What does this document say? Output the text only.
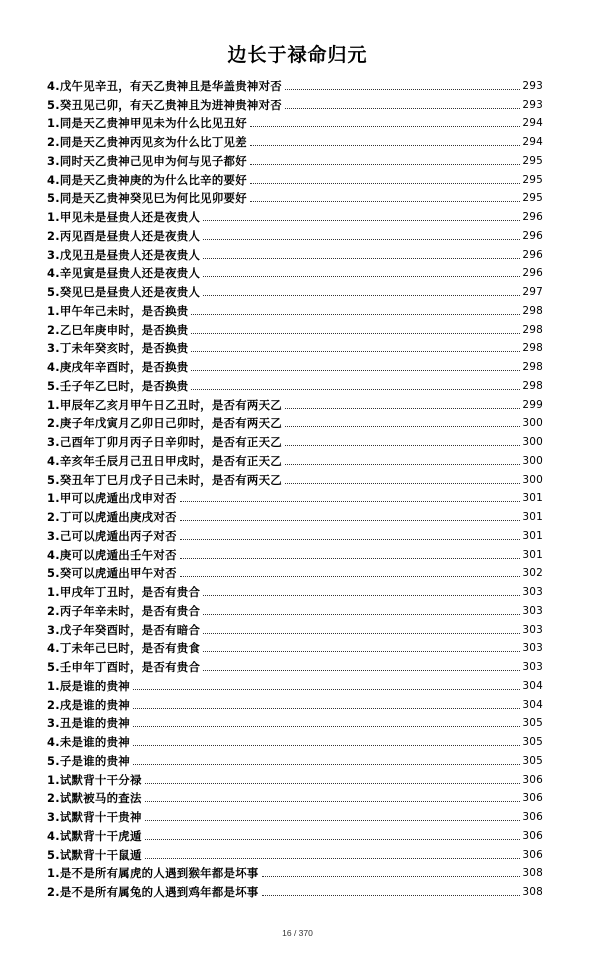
边长于禄命归元
4.戊午见辛丑，有天乙贵神且是华盖贵神对否	293
5.癸丑见己卯，有天乙贵神且为进神贵神对否	293
1.同是天乙贵神甲见未为什么比见丑好	294
2.同是天乙贵神丙见亥为什么比丁见差	294
3.同时天乙贵神己见申为何与见子都好	295
4.同是天乙贵神庚的为什么比辛的要好	295
5.同是天乙贵神癸见巳为何比见卯要好	295
1.甲见未是昼贵人还是夜贵人	296
2.丙见酉是昼贵人还是夜贵人	296
3.戊见丑是昼贵人还是夜贵人	296
4.辛见寅是昼贵人还是夜贵人	296
5.癸见巳是昼贵人还是夜贵人	297
1.甲午年己未时，是否换贵	298
2.乙巳年庚申时，是否换贵	298
3.丁未年癸亥时，是否换贵	298
4.庚戌年辛酉时，是否换贵	298
5.壬子年乙巳时，是否换贵	298
1.甲辰年乙亥月甲午日乙丑时，是否有两天乙	299
2.庚子年戊寅月乙卯日己卯时，是否有两天乙	300
3.己酉年丁卯月丙子日辛卯时，是否有正天乙	300
4.辛亥年壬辰月己丑日甲戌时，是否有正天乙	300
5.癸丑年丁巳月戊子日己未时，是否有两天乙	300
1.甲可以虎遁出戊申对否	301
2.丁可以虎遁出庚戌对否	301
3.己可以虎遁出丙子对否	301
4.庚可以虎遁出壬午对否	301
5.癸可以虎遁出甲午对否	302
1.甲戌年丁丑时，是否有贵合	303
2.丙子年辛未时，是否有贵合	303
3.戊子年癸酉时，是否有暗合	303
4.丁未年己巳时，是否有贵食	303
5.壬申年丁酉时，是否有贵合	303
1.辰是谁的贵神	304
2.戌是谁的贵神	304
3.丑是谁的贵神	305
4.未是谁的贵神	305
5.子是谁的贵神	305
1.试默背十干分禄	306
2.试默被马的查法	306
3.试默背十干贵神	306
4.试默背十干虎遁	306
5.试默背十干鼠遁	306
1.是不是所有属虎的人遇到猴年都是坏事	308
2.是不是所有属兔的人遇到鸡年都是坏事	308
16 / 370
